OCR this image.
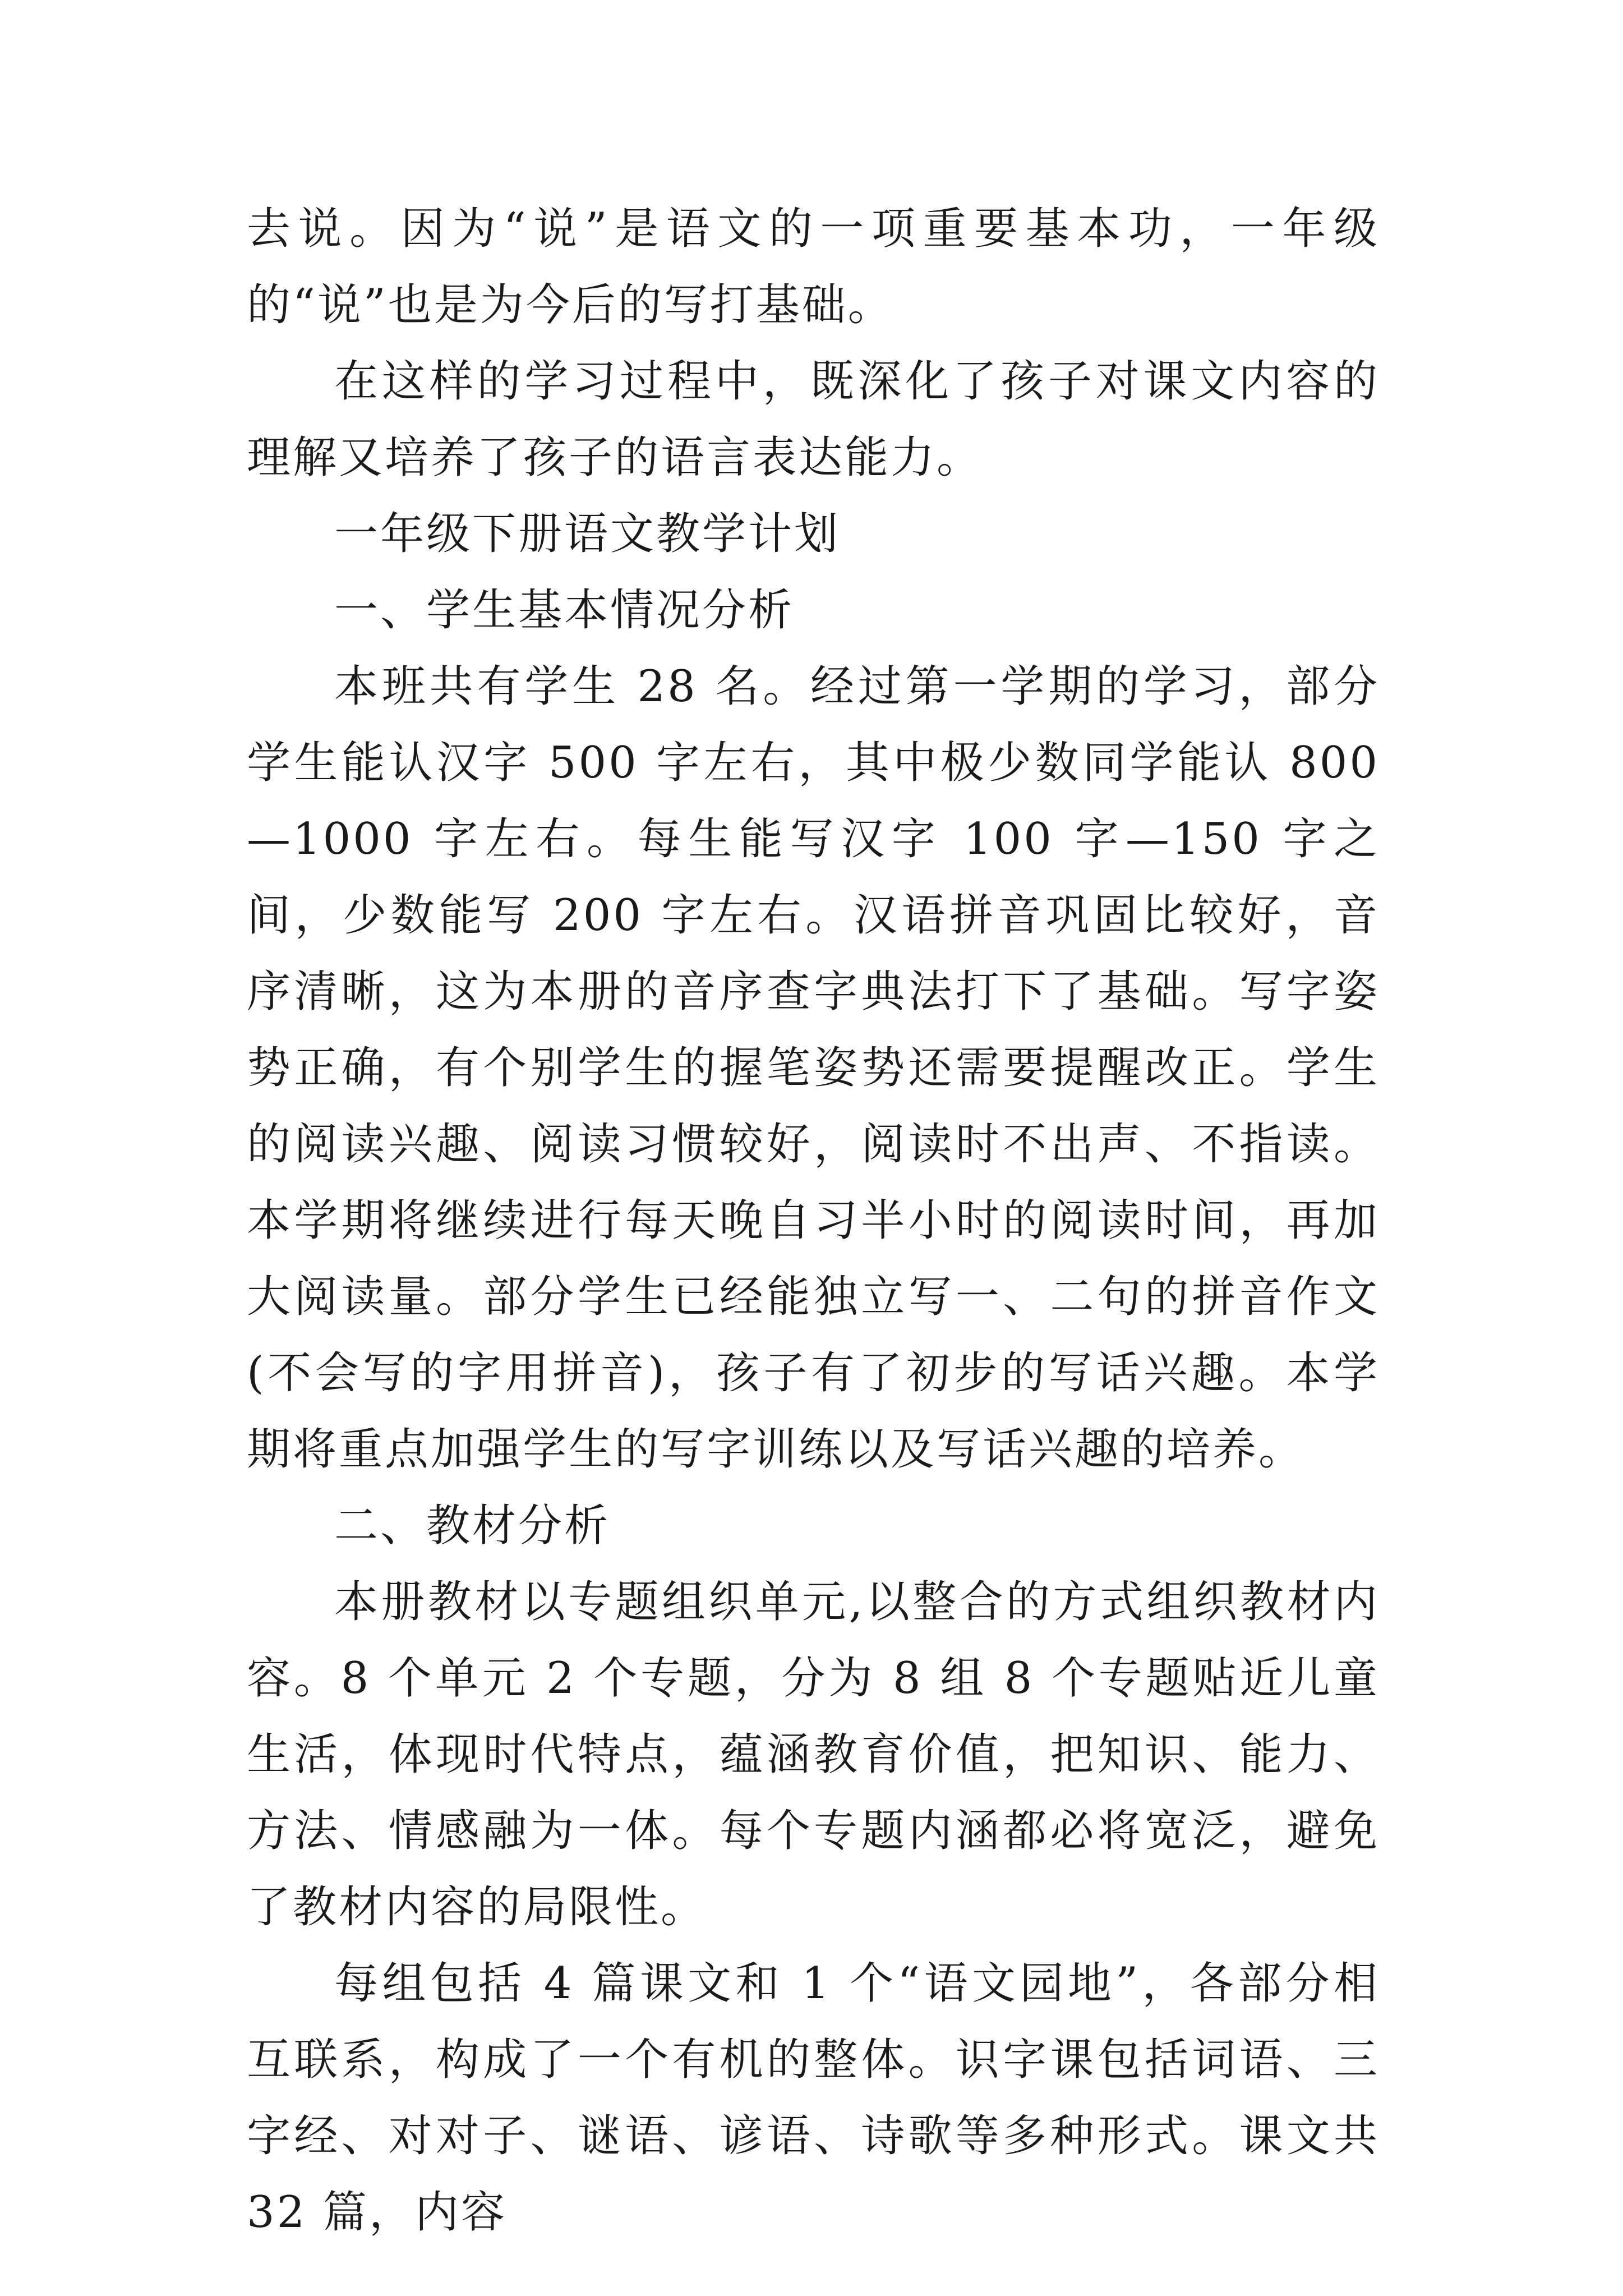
去说。因为“说”是语文的一项重要基本功，一年级的“说”也是为今后的写打基础。

在这样的学习过程中，既深化了孩子对课文内容的理解又培养了孩子的语言表达能力。

一年级下册语文教学计划

一、学生基本情况分析

本班共有学生 28 名。经过第一学期的学习，部分学生能认汉字 500 字左右，其中极少数同学能认 800—1000 字左右。每生能写汉字 100 字—150 字之间，少数能写 200 字左右。汉语拼音巩固比较好，音序清晰，这为本册的音序查字典法打下了基础。写字姿势正确，有个别学生的握笔姿势还需要提醒改正。学生的阅读兴趣、阅读习惯较好，阅读时不出声、不指读。本学期将继续进行每天晚自习半小时的阅读时间，再加大阅读量。部分学生已经能独立写一、二句的拼音作文(不会写的字用拼音)，孩子有了初步的写话兴趣。本学期将重点加强学生的写字训练以及写话兴趣的培养。

二、教材分析

本册教材以专题组织单元,以整合的方式组织教材内容。8 个单元 2 个专题，分为 8 组 8 个专题贴近儿童生活，体现时代特点，蕴涵教育价值，把知识、能力、方法、情感融为一体。每个专题内涵都必将宽泛，避免了教材内容的局限性。

每组包括 4 篇课文和 1 个“语文园地”，各部分相互联系，构成了一个有机的整体。识字课包括词语、三字经、对对子、谜语、谚语、诗歌等多种形式。课文共 32 篇，内容
